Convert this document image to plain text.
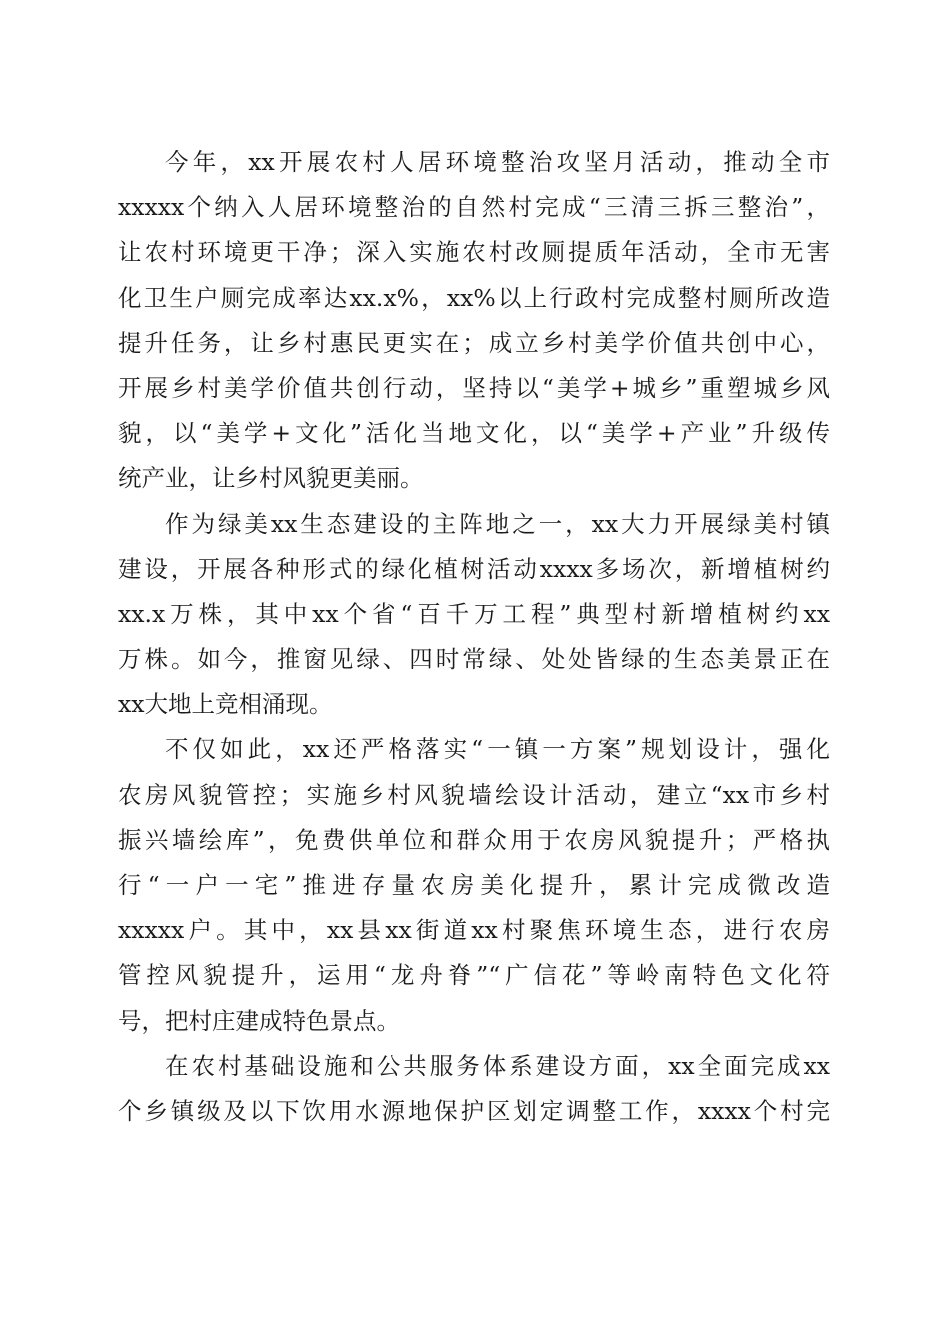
今年，xx开展农村人居环境整治攻坚月活动，推动全市
xxxxx个纳入人居环境整治的自然村完成“三清三拆三整治”，
让农村环境更干净；深入实施农村改厕提质年活动，全市无害
化卫生户厕完成率达xx.x%，xx%以上行政村完成整村厕所改造
提升任务，让乡村惠民更实在；成立乡村美学价值共创中心，
开展乡村美学价值共创行动，坚持以“美学+城乡”重塑城乡风
貌，以“美学+文化”活化当地文化，以“美学+产业”升级传
统产业，让乡村风貌更美丽。
作为绿美xx生态建设的主阵地之一，xx大力开展绿美村镇
建设，开展各种形式的绿化植树活动xxxx多场次，新增植树约
xx.x万株，其中xx个省“百千万工程”典型村新增植树约xx
万株。如今，推窗见绿、四时常绿、处处皆绿的生态美景正在
xx大地上竞相涌现。
不仅如此，xx还严格落实“一镇一方案”规划设计，强化
农房风貌管控；实施乡村风貌墙绘设计活动，建立“xx市乡村
振兴墙绘库”，免费供单位和群众用于农房风貌提升；严格执
行“一户一宅”推进存量农房美化提升，累计完成微改造
xxxxx户。其中，xx县xx街道xx村聚焦环境生态，进行农房
管控风貌提升，运用“龙舟脊”“广信花”等岭南特色文化符
号，把村庄建成特色景点。
在农村基础设施和公共服务体系建设方面，xx全面完成xx
个乡镇级及以下饮用水源地保护区划定调整工作，xxxx个村完
